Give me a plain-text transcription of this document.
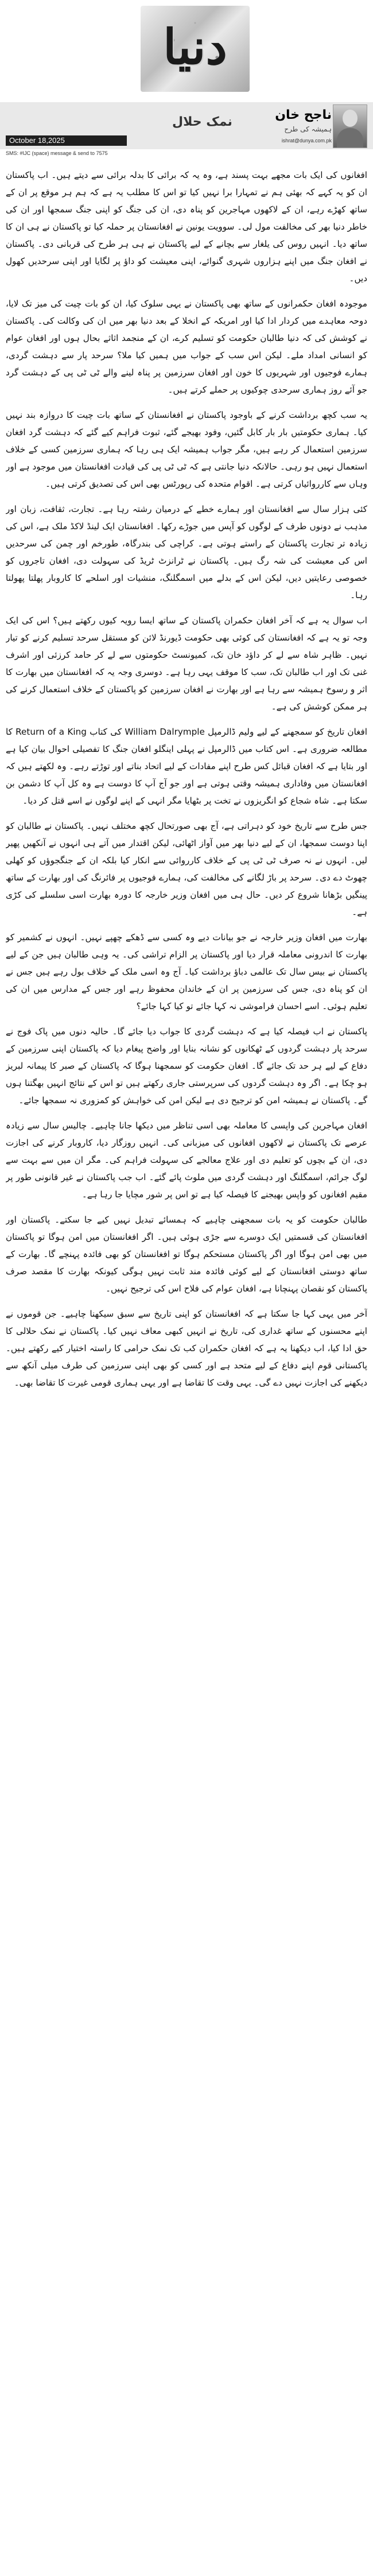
دنیا
نمک حلال	ناجح خان
ہمیشہ کی طرح
ishrat@dunya.com.pk
October 18,2025
SMS: #IJC (space) message & send to 7575

افغانوں کی ایک بات مجھے بہت پسند ہے، وہ یہ کہ برائی کا بدلہ برائی سے دیتے ہیں۔ اب پاکستان ان کو یہ کہے کہ بھئی ہم نے تمہارا برا نہیں کیا تو اس کا مطلب یہ ہے کہ ہم ہر موقع پر ان کے ساتھ کھڑے رہے، ان کے لاکھوں مہاجرین کو پناہ دی، ان کی جنگ کو اپنی جنگ سمجھا اور ان کی خاطر دنیا بھر کی مخالفت مول لی۔ سوویت یونین نے افغانستان پر حملہ کیا تو پاکستان نے ہی ان کا ساتھ دیا۔ انہیں روس کی یلغار سے بچانے کے لیے پاکستان نے ہی ہر طرح کی قربانی دی۔ پاکستان نے افغان جنگ میں اپنے ہزاروں شہری گنوائے، اپنی معیشت کو داؤ پر لگایا اور اپنی سرحدیں کھول دیں۔

موجودہ افغان حکمرانوں کے ساتھ بھی پاکستان نے یہی سلوک کیا، ان کو بات چیت کی میز تک لایا، دوحہ معاہدے میں کردار ادا کیا اور امریکہ کے انخلا کے بعد دنیا بھر میں ان کی وکالت کی۔ پاکستان نے کوشش کی کہ دنیا طالبان حکومت کو تسلیم کرے، ان کے منجمد اثاثے بحال ہوں اور افغان عوام کو انسانی امداد ملے۔ لیکن اس سب کے جواب میں ہمیں کیا ملا؟ سرحد پار سے دہشت گردی، ہمارے فوجیوں اور شہریوں کا خون اور افغان سرزمین پر پناہ لینے والے ٹی ٹی پی کے دہشت گرد جو آئے روز ہماری سرحدی چوکیوں پر حملے کرتے ہیں۔

یہ سب کچھ برداشت کرنے کے باوجود پاکستان نے افغانستان کے ساتھ بات چیت کا دروازہ بند نہیں کیا۔ ہماری حکومتیں بار بار کابل گئیں، وفود بھیجے گئے، ثبوت فراہم کیے گئے کہ دہشت گرد افغان سرزمین استعمال کر رہے ہیں، مگر جواب ہمیشہ ایک ہی رہا کہ ہماری سرزمین کسی کے خلاف استعمال نہیں ہو رہی۔ حالانکہ دنیا جانتی ہے کہ ٹی ٹی پی کی قیادت افغانستان میں موجود ہے اور وہاں سے کارروائیاں کرتی ہے۔ اقوام متحدہ کی رپورٹس بھی اس کی تصدیق کرتی ہیں۔

کئی ہزار سال سے افغانستان اور ہمارے خطے کے درمیان رشتہ رہا ہے۔ تجارت، ثقافت، زبان اور مذہب نے دونوں طرف کے لوگوں کو آپس میں جوڑے رکھا۔ افغانستان ایک لینڈ لاکڈ ملک ہے، اس کی زیادہ تر تجارت پاکستان کے راستے ہوتی ہے۔ کراچی کی بندرگاہ، طورخم اور چمن کی سرحدیں اس کی معیشت کی شہ رگ ہیں۔ پاکستان نے ٹرانزٹ ٹریڈ کی سہولت دی، افغان تاجروں کو خصوصی رعایتیں دیں، لیکن اس کے بدلے میں اسمگلنگ، منشیات اور اسلحے کا کاروبار پھلتا پھولتا رہا۔

اب سوال یہ ہے کہ آخر افغان حکمران پاکستان کے ساتھ ایسا رویہ کیوں رکھتے ہیں؟ اس کی ایک وجہ تو یہ ہے کہ افغانستان کی کوئی بھی حکومت ڈیورنڈ لائن کو مستقل سرحد تسلیم کرنے کو تیار نہیں۔ ظاہر شاہ سے لے کر داؤد خان تک، کمیونسٹ حکومتوں سے لے کر حامد کرزئی اور اشرف غنی تک اور اب طالبان تک، سب کا موقف یہی رہا ہے۔ دوسری وجہ یہ کہ افغانستان میں بھارت کا اثر و رسوخ ہمیشہ سے رہا ہے اور بھارت نے افغان سرزمین کو پاکستان کے خلاف استعمال کرنے کی ہر ممکن کوشش کی ہے۔

افغان تاریخ کو سمجھنے کے لیے ولیم ڈالرمپل William Dalrymple کی کتاب Return of a King کا مطالعہ ضروری ہے۔ اس کتاب میں ڈالرمپل نے پہلی اینگلو افغان جنگ کا تفصیلی احوال بیان کیا ہے اور بتایا ہے کہ افغان قبائل کس طرح اپنے مفادات کے لیے اتحاد بناتے اور توڑتے رہے۔ وہ لکھتے ہیں کہ افغانستان میں وفاداری ہمیشہ وقتی ہوتی ہے اور جو آج آپ کا دوست ہے وہ کل آپ کا دشمن بن سکتا ہے۔ شاہ شجاع کو انگریزوں نے تخت پر بٹھایا مگر انہی کے اپنے لوگوں نے اسے قتل کر دیا۔

جس طرح سے تاریخ خود کو دہراتی ہے، آج بھی صورتحال کچھ مختلف نہیں۔ پاکستان نے طالبان کو اپنا دوست سمجھا، ان کے لیے دنیا بھر میں آواز اٹھائی، لیکن اقتدار میں آتے ہی انہوں نے آنکھیں پھیر لیں۔ انہوں نے نہ صرف ٹی ٹی پی کے خلاف کارروائی سے انکار کیا بلکہ ان کے جنگجوؤں کو کھلی چھوٹ دے دی۔ سرحد پر باڑ لگانے کی مخالفت کی، ہمارے فوجیوں پر فائرنگ کی اور بھارت کے ساتھ پینگیں بڑھانا شروع کر دیں۔ حال ہی میں افغان وزیر خارجہ کا دورہ بھارت اسی سلسلے کی کڑی ہے۔

بھارت میں افغان وزیر خارجہ نے جو بیانات دیے وہ کسی سے ڈھکے چھپے نہیں۔ انہوں نے کشمیر کو بھارت کا اندرونی معاملہ قرار دیا اور پاکستان پر الزام تراشی کی۔ یہ وہی طالبان ہیں جن کے لیے پاکستان نے بیس سال تک عالمی دباؤ برداشت کیا۔ آج وہ اسی ملک کے خلاف بول رہے ہیں جس نے ان کو پناہ دی، جس کی سرزمین پر ان کے خاندان محفوظ رہے اور جس کے مدارس میں ان کی تعلیم ہوئی۔ اسے احسان فراموشی نہ کہا جائے تو کیا کہا جائے؟

پاکستان نے اب فیصلہ کیا ہے کہ دہشت گردی کا جواب دیا جائے گا۔ حالیہ دنوں میں پاک فوج نے سرحد پار دہشت گردوں کے ٹھکانوں کو نشانہ بنایا اور واضح پیغام دیا کہ پاکستان اپنی سرزمین کے دفاع کے لیے ہر حد تک جائے گا۔ افغان حکومت کو سمجھنا ہوگا کہ پاکستان کے صبر کا پیمانہ لبریز ہو چکا ہے۔ اگر وہ دہشت گردوں کی سرپرستی جاری رکھتے ہیں تو اس کے نتائج انہیں بھگتنا ہوں گے۔ پاکستان نے ہمیشہ امن کو ترجیح دی ہے لیکن امن کی خواہش کو کمزوری نہ سمجھا جائے۔

افغان مہاجرین کی واپسی کا معاملہ بھی اسی تناظر میں دیکھا جانا چاہیے۔ چالیس سال سے زیادہ عرصے تک پاکستان نے لاکھوں افغانوں کی میزبانی کی۔ انہیں روزگار دیا، کاروبار کرنے کی اجازت دی، ان کے بچوں کو تعلیم دی اور علاج معالجے کی سہولت فراہم کی۔ مگر ان میں سے بہت سے لوگ جرائم، اسمگلنگ اور دہشت گردی میں ملوث پائے گئے۔ اب جب پاکستان نے غیر قانونی طور پر مقیم افغانوں کو واپس بھیجنے کا فیصلہ کیا ہے تو اس پر شور مچایا جا رہا ہے۔

طالبان حکومت کو یہ بات سمجھنی چاہیے کہ ہمسائے تبدیل نہیں کیے جا سکتے۔ پاکستان اور افغانستان کی قسمتیں ایک دوسرے سے جڑی ہوئی ہیں۔ اگر افغانستان میں امن ہوگا تو پاکستان میں بھی امن ہوگا اور اگر پاکستان مستحکم ہوگا تو افغانستان کو بھی فائدہ پہنچے گا۔ بھارت کے ساتھ دوستی افغانستان کے لیے کوئی فائدہ مند ثابت نہیں ہوگی کیونکہ بھارت کا مقصد صرف پاکستان کو نقصان پہنچانا ہے، افغان عوام کی فلاح اس کی ترجیح نہیں۔

آخر میں یہی کہا جا سکتا ہے کہ افغانستان کو اپنی تاریخ سے سبق سیکھنا چاہیے۔ جن قوموں نے اپنے محسنوں کے ساتھ غداری کی، تاریخ نے انہیں کبھی معاف نہیں کیا۔ پاکستان نے نمک حلالی کا حق ادا کیا، اب دیکھنا یہ ہے کہ افغان حکمران کب تک نمک حرامی کا راستہ اختیار کیے رکھتے ہیں۔ پاکستانی قوم اپنے دفاع کے لیے متحد ہے اور کسی کو بھی اپنی سرزمین کی طرف میلی آنکھ سے دیکھنے کی اجازت نہیں دے گی۔ یہی وقت کا تقاضا ہے اور یہی ہماری قومی غیرت کا تقاضا بھی۔
